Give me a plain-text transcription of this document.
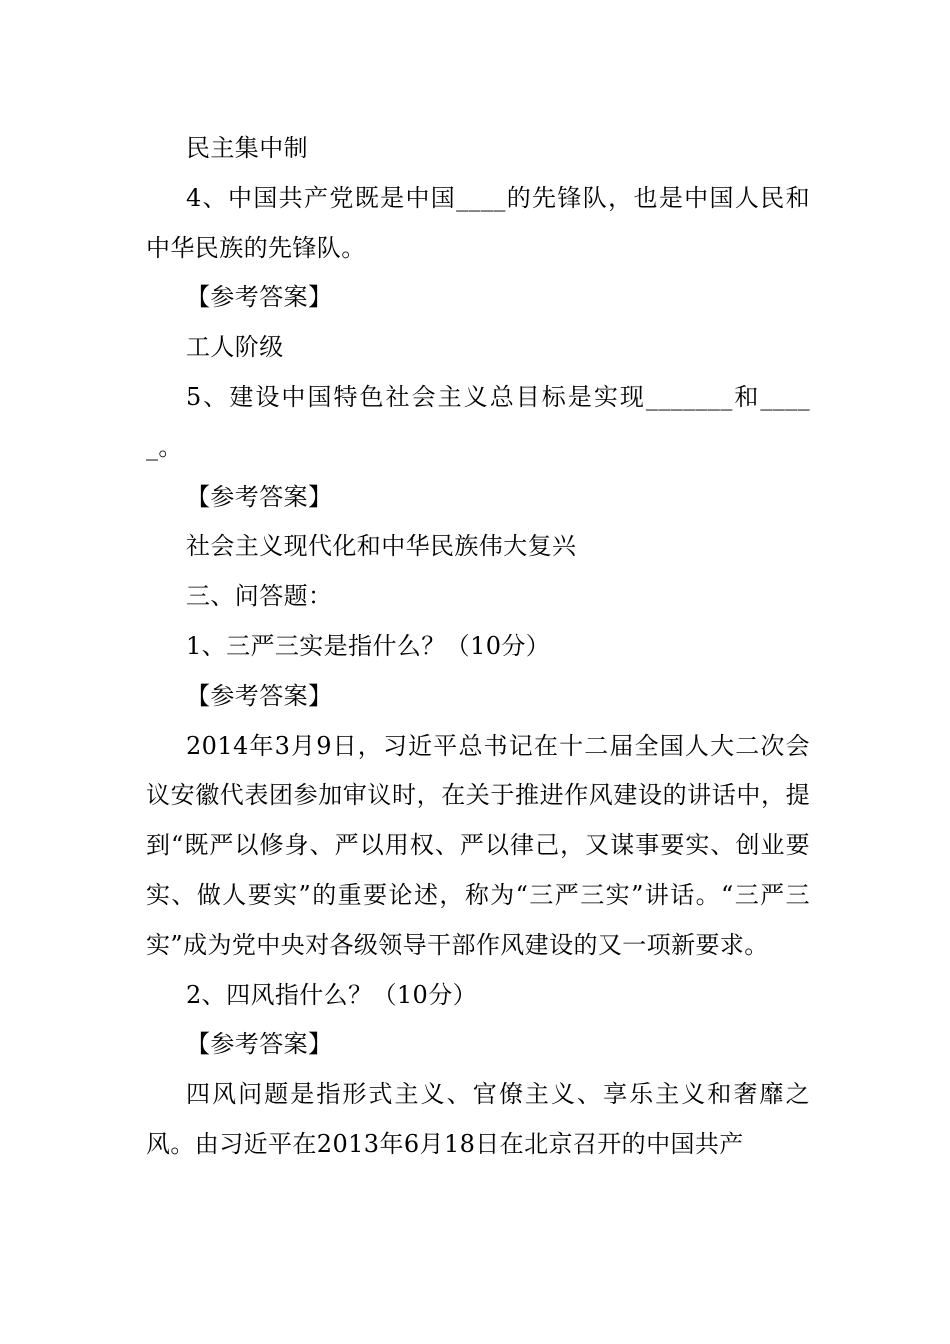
民主集中制

4、中国共产党既是中国____的先锋队，也是中国人民和中华民族的先锋队。

【参考答案】

工人阶级

5、建设中国特色社会主义总目标是实现_______和_____。

【参考答案】

社会主义现代化和中华民族伟大复兴

三、问答题：

1、三严三实是指什么？（10分）

【参考答案】

2014年3月9日，习近平总书记在十二届全国人大二次会议安徽代表团参加审议时，在关于推进作风建设的讲话中，提到“既严以修身、严以用权、严以律己，又谋事要实、创业要实、做人要实”的重要论述，称为“三严三实”讲话。“三严三实”成为党中央对各级领导干部作风建设的又一项新要求。

2、四风指什么？（10分）

【参考答案】

四风问题是指形式主义、官僚主义、享乐主义和奢靡之风。由习近平在2013年6月18日在北京召开的中国共产
